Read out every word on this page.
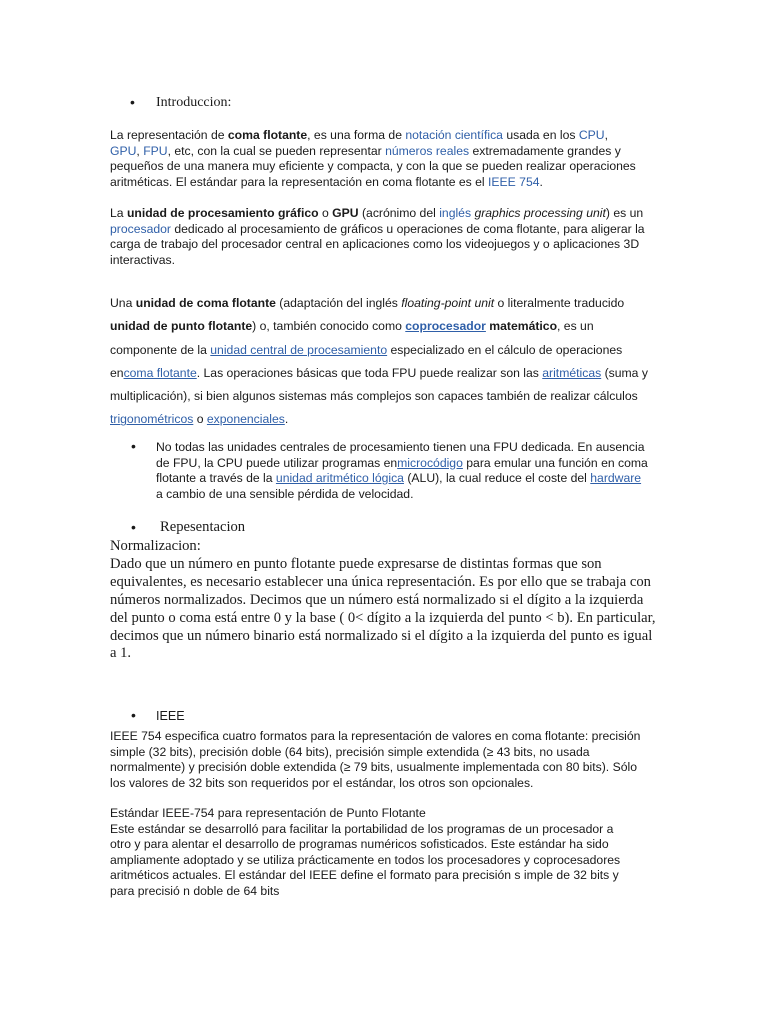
• Introduccion:
La representación de coma flotante, es una forma de notación científica usada en los CPU, GPU, FPU, etc, con la cual se pueden representar números reales extremadamente grandes y pequeños de una manera muy eficiente y compacta, y con la que se pueden realizar operaciones aritméticas. El estándar para la representación en coma flotante es el IEEE 754.
La unidad de procesamiento gráfico o GPU (acrónimo del inglés graphics processing unit) es un procesador dedicado al procesamiento de gráficos u operaciones de coma flotante, para aligerar la carga de trabajo del procesador central en aplicaciones como los videojuegos y o aplicaciones 3D interactivas.
Una unidad de coma flotante (adaptación del inglés floating-point unit o literalmente traducido unidad de punto flotante) o, también conocido como coprocesador matemático, es un componente de la unidad central de procesamiento especializado en el cálculo de operaciones encoma flotante. Las operaciones básicas que toda FPU puede realizar son las aritméticas (suma y multiplicación), si bien algunos sistemas más complejos son capaces también de realizar cálculos trigonométricos o exponenciales.
• No todas las unidades centrales de procesamiento tienen una FPU dedicada. En ausencia de FPU, la CPU puede utilizar programas enmicrocódigo para emular una función en coma flotante a través de la unidad aritmético lógica (ALU), la cual reduce el coste del hardware a cambio de una sensible pérdida de velocidad.
• Repesentacion
Normalizacion:
Dado que un número en punto flotante puede expresarse de distintas formas que son equivalentes, es necesario establecer una única representación. Es por ello que se trabaja con números normalizados. Decimos que un número está normalizado si el dígito a la izquierda del punto o coma está entre 0 y la base ( 0< dígito a la izquierda del punto < b). En particular, decimos que un número binario está normalizado si el dígito a la izquierda del punto es igual a 1.
• IEEE
IEEE 754 especifica cuatro formatos para la representación de valores en coma flotante: precisión simple (32 bits), precisión doble (64 bits), precisión simple extendida (≥ 43 bits, no usada normalmente) y precisión doble extendida (≥ 79 bits, usualmente implementada con 80 bits). Sólo los valores de 32 bits son requeridos por el estándar, los otros son opcionales.
Estándar IEEE-754 para representación de Punto Flotante
Este estándar se desarrolló para facilitar la portabilidad de los programas de un procesador a otro y para alentar el desarrollo de programas numéricos sofisticados. Este estándar ha sido ampliamente adoptado y se utiliza prácticamente en todos los procesadores y coprocesadores aritméticos actuales. El estándar del IEEE define el formato para precisión s imple de 32 bits y para precisió n doble de 64 bits
